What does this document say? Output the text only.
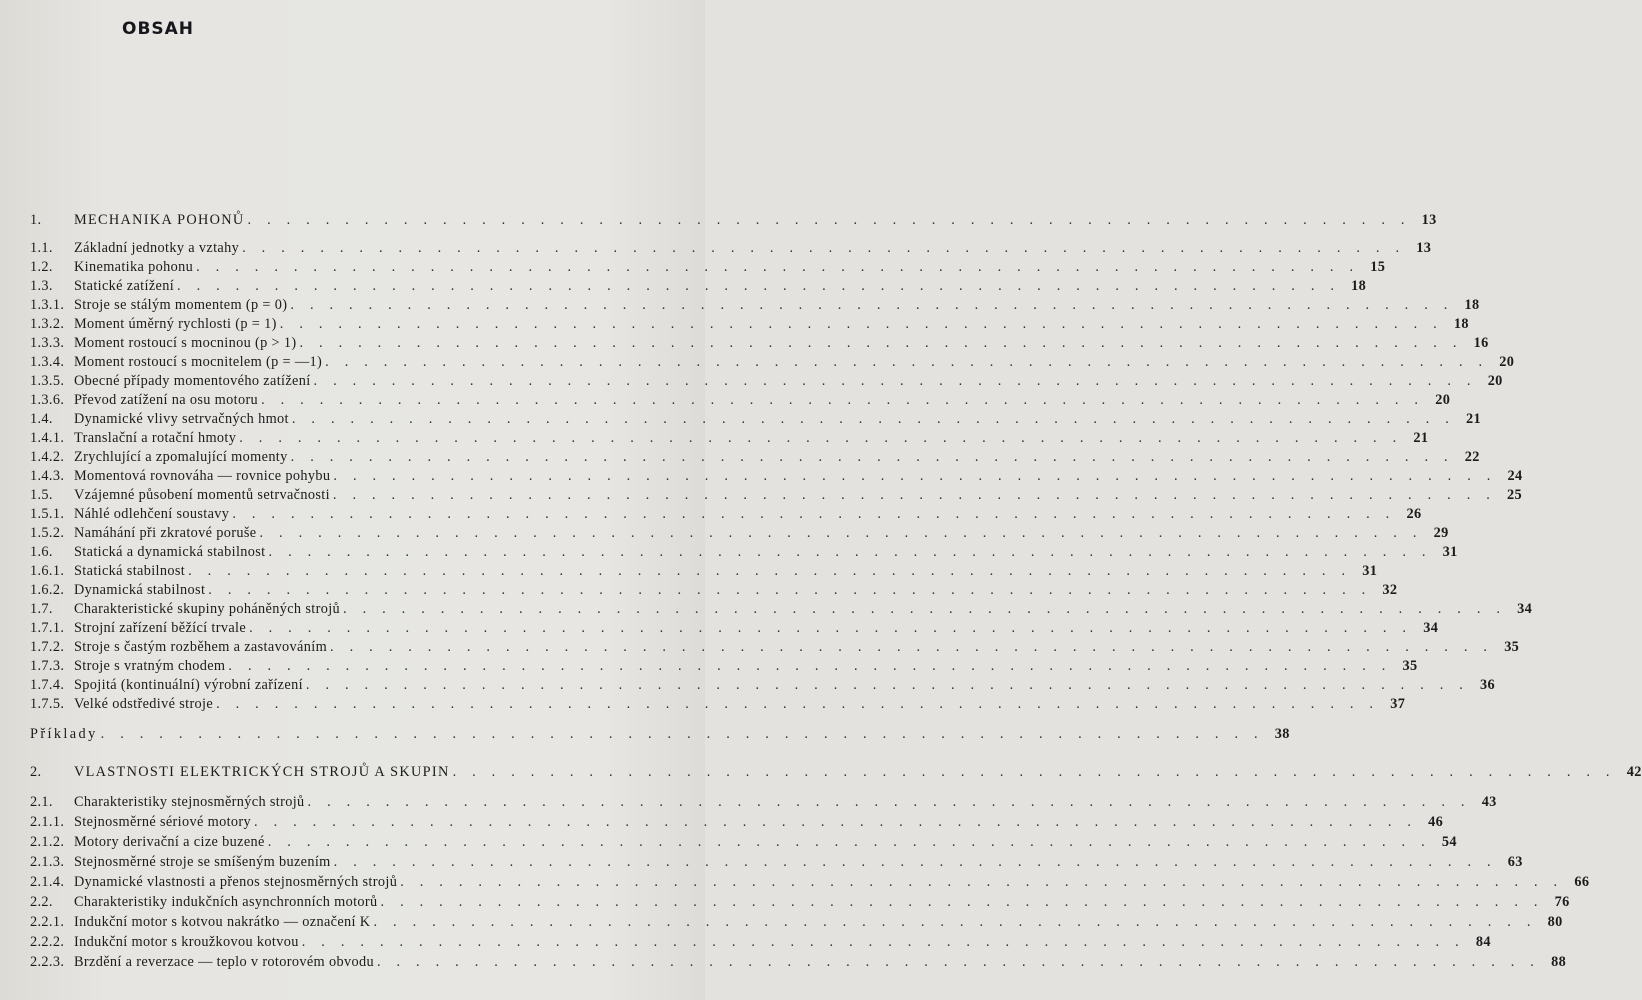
OBSAH
1.	MECHANIKA POHONŮ . . . . . . . . . . . . . . . . . . . . . . . . . . . . . . . . . . . . . . . . . . . . . . . . . . . . . . . . . . . . 13
1.1.	Základní jednotky a vztahy . . . . . . . . . . . . . . . . . . . . . . . . . . . . . . . . . . . . . . . . . . . . . . . . . . . . . . . . . . . . 13
1.2.	Kinematika pohonu . . . . . . . . . . . . . . . . . . . . . . . . . . . . . . . . . . . . . . . . . . . . . . . . . . . . . . . . . . . . 15
1.3.	Statické zatížení . . . . . . . . . . . . . . . . . . . . . . . . . . . . . . . . . . . . . . . . . . . . . . . . . . . . . . . . . . . . 18
1.3.1. Stroje se stálým momentem (p = 0) . . . . . . . . . . . . . . . . . . . . . . . . . . . . . . . . . . . . . . . . . . . . . . . . . . . . . . . . . . . . 18
1.3.2. Moment úměrný rychlosti (p = 1) . . . . . . . . . . . . . . . . . . . . . . . . . . . . . . . . . . . . . . . . . . . . . . . . . . . . . . . . . . . . 18
1.3.3. Moment rostoucí s mocninou (p > 1) . . . . . . . . . . . . . . . . . . . . . . . . . . . . . . . . . . . . . . . . . . . . . . . . . . . . . . . . . . . . 16
1.3.4. Moment rostoucí s mocnitelem (p = —1) . . . . . . . . . . . . . . . . . . . . . . . . . . . . . . . . . . . . . . . . . . . . . . . . . . . . . . . . . . . . 20
1.3.5. Obecné případy momentového zatížení . . . . . . . . . . . . . . . . . . . . . . . . . . . . . . . . . . . . . . . . . . . . . . . . . . . . . . . . . . . . 20
1.3.6. Převod zatížení na osu motoru . . . . . . . . . . . . . . . . . . . . . . . . . . . . . . . . . . . . . . . . . . . . . . . . . . . . . . . . . . . . 20
1.4.	Dynamické vlivy setrvačných hmot . . . . . . . . . . . . . . . . . . . . . . . . . . . . . . . . . . . . . . . . . . . . . . . . . . . . . . . . . . . . 21
1.4.1. Translační a rotační hmoty . . . . . . . . . . . . . . . . . . . . . . . . . . . . . . . . . . . . . . . . . . . . . . . . . . . . . . . . . . . . 21
1.4.2. Zrychlující a zpomalující momenty . . . . . . . . . . . . . . . . . . . . . . . . . . . . . . . . . . . . . . . . . . . . . . . . . . . . . . . . . . . . 22
1.4.3. Momentová rovnováha — rovnice pohybu . . . . . . . . . . . . . . . . . . . . . . . . . . . . . . . . . . . . . . . . . . . . . . . . . . . . . . . . . . . . 24
1.5.	Vzájemné působení momentů setrvačnosti . . . . . . . . . . . . . . . . . . . . . . . . . . . . . . . . . . . . . . . . . . . . . . . . . . . . . . . . . . . . 25
1.5.1. Náhlé odlehčení soustavy . . . . . . . . . . . . . . . . . . . . . . . . . . . . . . . . . . . . . . . . . . . . . . . . . . . . . . . . . . . . 26
1.5.2. Namáhání při zkratové poruše . . . . . . . . . . . . . . . . . . . . . . . . . . . . . . . . . . . . . . . . . . . . . . . . . . . . . . . . . . . . 29
1.6.	Statická a dynamická stabilnost . . . . . . . . . . . . . . . . . . . . . . . . . . . . . . . . . . . . . . . . . . . . . . . . . . . . . . . . . . . . 31
1.6.1. Statická stabilnost . . . . . . . . . . . . . . . . . . . . . . . . . . . . . . . . . . . . . . . . . . . . . . . . . . . . . . . . . . . . 31
1.6.2. Dynamická stabilnost . . . . . . . . . . . . . . . . . . . . . . . . . . . . . . . . . . . . . . . . . . . . . . . . . . . . . . . . . . . . 32
1.7.	Charakteristické skupiny poháněných strojů . . . . . . . . . . . . . . . . . . . . . . . . . . . . . . . . . . . . . . . . . . . . . . . . . . . . . . . . . . . . 34
1.7.1. Strojní zařízení běžící trvale . . . . . . . . . . . . . . . . . . . . . . . . . . . . . . . . . . . . . . . . . . . . . . . . . . . . . . . . . . . . 34
1.7.2. Stroje s častým rozběhem a zastavováním . . . . . . . . . . . . . . . . . . . . . . . . . . . . . . . . . . . . . . . . . . . . . . . . . . . . . . . . . . . . 35
1.7.3. Stroje s vratným chodem . . . . . . . . . . . . . . . . . . . . . . . . . . . . . . . . . . . . . . . . . . . . . . . . . . . . . . . . . . . . 35
1.7.4. Spojitá (kontinuální) výrobní zařízení . . . . . . . . . . . . . . . . . . . . . . . . . . . . . . . . . . . . . . . . . . . . . . . . . . . . . . . . . . . . 36
1.7.5. Velké odstředivé stroje . . . . . . . . . . . . . . . . . . . . . . . . . . . . . . . . . . . . . . . . . . . . . . . . . . . . . . . . . . . . 37
Příklady . . . . . . . . . . . . . . . . . . . . . . . . . . . . . . . . . . . . . . . . . . . . . . . . . . . . . . . . . . . . 38
2.	VLASTNOSTI ELEKTRICKÝCH STROJŮ A SKUPIN . . . . . . . . . . . . . . . . . . . . . . . . . . . . . . . . . . . . . . . . . . . . . . . . . . . . . . . . . . . . 42
2.1.	Charakteristiky stejnosměrných strojů . . . . . . . . . . . . . . . . . . . . . . . . . . . . . . . . . . . . . . . . . . . . . . . . . . . . . . . . . . . . 43
2.1.1. Stejnosměrné sériové motory . . . . . . . . . . . . . . . . . . . . . . . . . . . . . . . . . . . . . . . . . . . . . . . . . . . . . . . . . . . . 46
2.1.2. Motory derivační a cize buzené . . . . . . . . . . . . . . . . . . . . . . . . . . . . . . . . . . . . . . . . . . . . . . . . . . . . . . . . . . . . 54
2.1.3. Stejnosměrné stroje se smíšeným buzením . . . . . . . . . . . . . . . . . . . . . . . . . . . . . . . . . . . . . . . . . . . . . . . . . . . . . . . . . . . . 63
2.1.4. Dynamické vlastnosti a přenos stejnosměrných strojů . . . . . . . . . . . . . . . . . . . . . . . . . . . . . . . . . . . . . . . . . . . . . . . . . . . . . . . . . . . . 66
2.2.	Charakteristiky indukčních asynchronních motorů . . . . . . . . . . . . . . . . . . . . . . . . . . . . . . . . . . . . . . . . . . . . . . . . . . . . . . . . . . . . 76
2.2.1. Indukční motor s kotvou nakrátko — označení K . . . . . . . . . . . . . . . . . . . . . . . . . . . . . . . . . . . . . . . . . . . . . . . . . . . . . . . . . . . . 80
2.2.2. Indukční motor s kroužkovou kotvou . . . . . . . . . . . . . . . . . . . . . . . . . . . . . . . . . . . . . . . . . . . . . . . . . . . . . . . . . . . . 84
2.2.3. Brzdění a reverzace — teplo v rotorovém obvodu . . . . . . . . . . . . . . . . . . . . . . . . . . . . . . . . . . . . . . . . . . . . . . . . . . . . . . . . . . . . 88
